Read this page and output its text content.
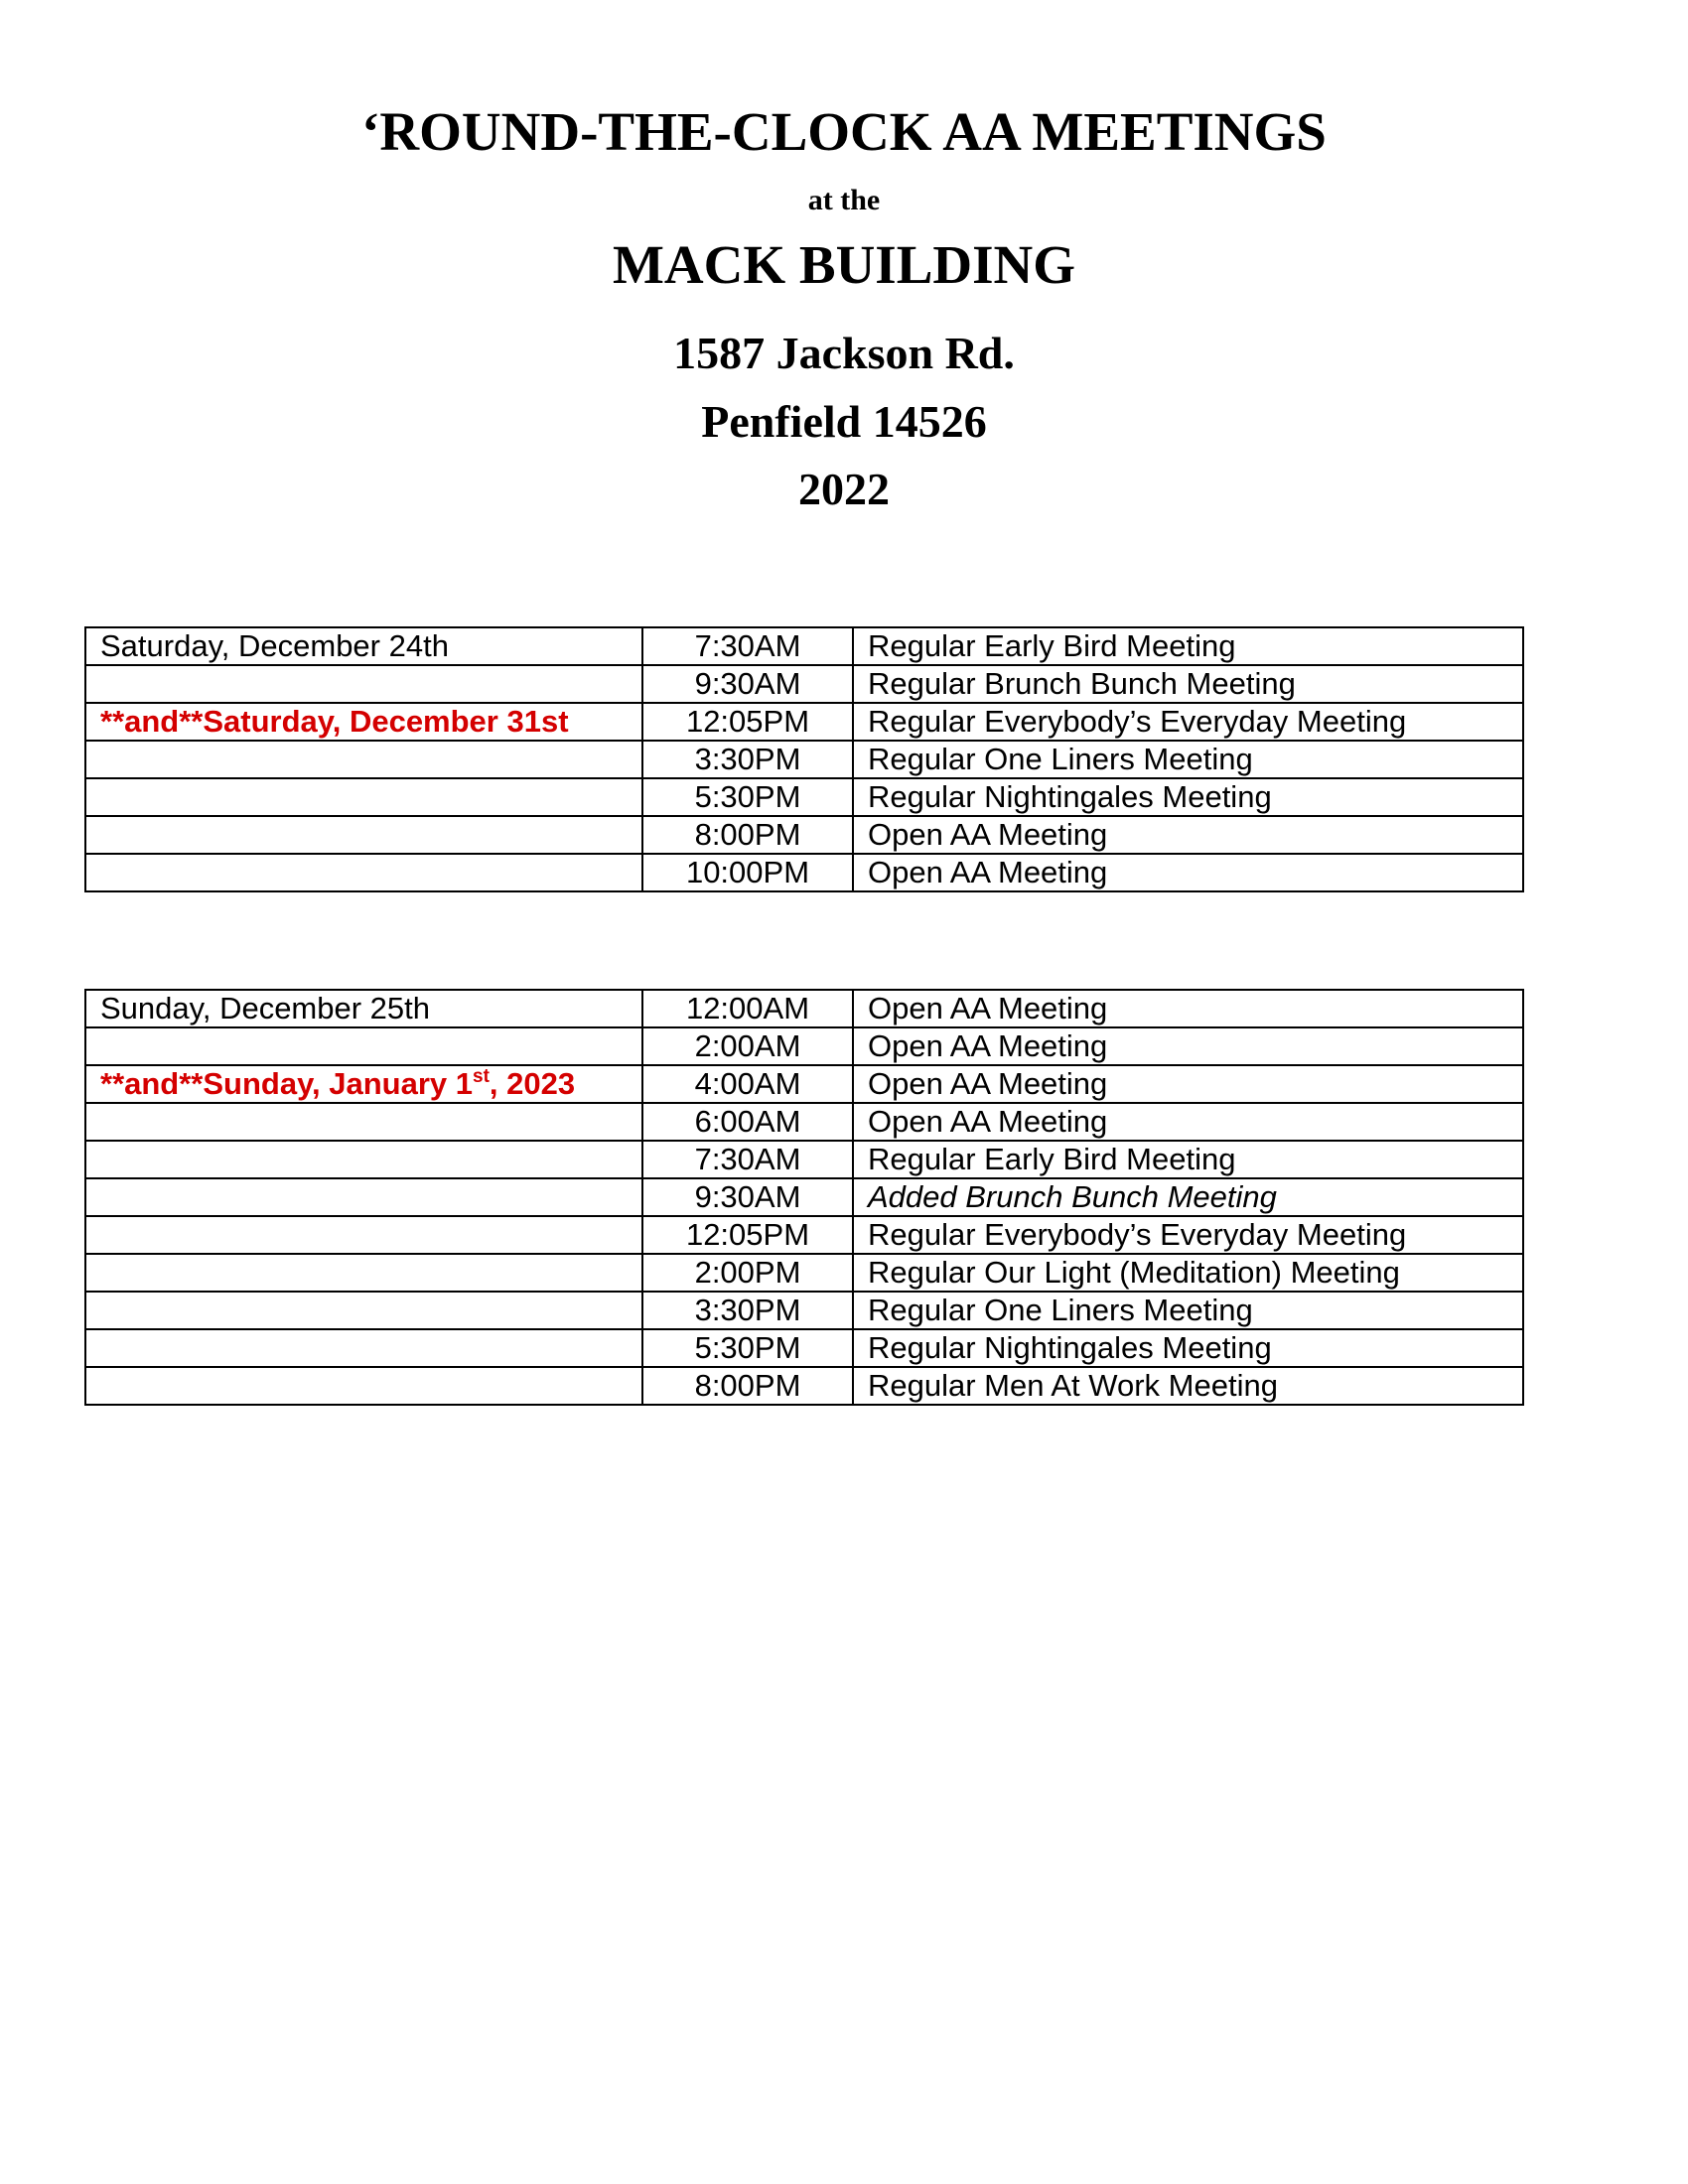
‘ROUND-THE-CLOCK AA MEETINGS
at the
MACK BUILDING
1587 Jackson Rd.
Penfield 14526
2022
Saturday, December 24th	7:30AM	Regular Early Bird Meeting
	9:30AM	Regular Brunch Bunch Meeting
**and**Saturday, December 31st	12:05PM	Regular Everybody’s Everyday Meeting
	3:30PM	Regular One Liners Meeting
	5:30PM	Regular Nightingales Meeting
	8:00PM	Open AA Meeting
	10:00PM	Open AA Meeting
Sunday, December 25th	12:00AM	Open AA Meeting
	2:00AM	Open AA Meeting
**and**Sunday, January 1st, 2023	4:00AM	Open AA Meeting
	6:00AM	Open AA Meeting
	7:30AM	Regular Early Bird Meeting
	9:30AM	Added Brunch Bunch Meeting
	12:05PM	Regular Everybody’s Everyday Meeting
	2:00PM	Regular Our Light (Meditation) Meeting
	3:30PM	Regular One Liners Meeting
	5:30PM	Regular Nightingales Meeting
	8:00PM	Regular Men At Work Meeting
